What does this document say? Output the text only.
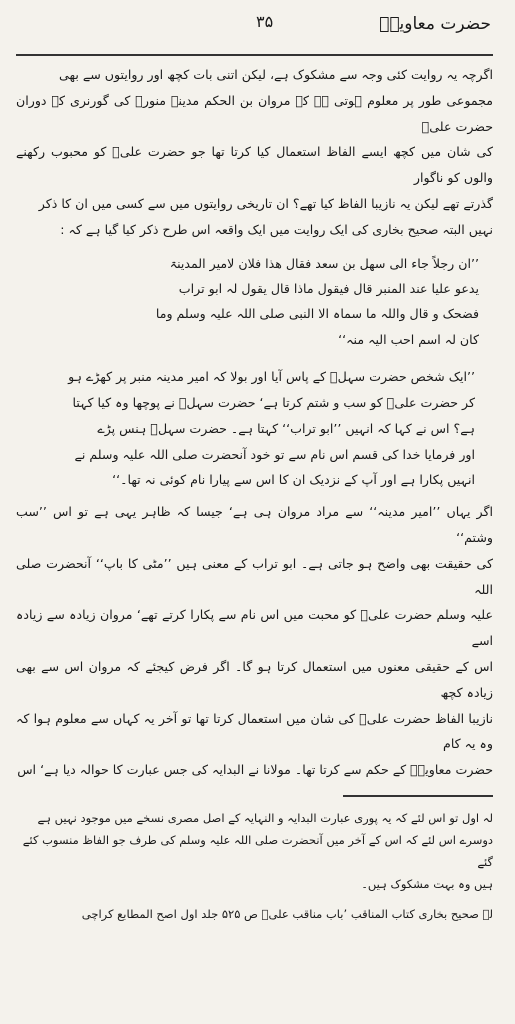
حضرت معاویہؓ
۳۵

اگرچہ یہ روایت کئی وجہ سے مشکوک ہے، لیکن اتنی بات کچھ اور روایتوں سے بھی

مجموعی طور پر معلوم ہوتی ہے کہ مروان بن الحکم مدینہ منورہ کی گورنری کے دوران حضرت علیؓ

کی شان میں کچھ ایسے الفاظ استعمال کیا کرتا تھا جو حضرت علیؓ کو محبوب رکھنے والوں کو ناگوار

گذرتے تھے لیکن یہ نازیبا الفاظ کیا تھے؟ ان تاریخی روایتوں میں سے کسی میں ان کا ذکر

نہیں البتہ صحیح بخاری کی ایک روایت میں ایک واقعہ اس طرح ذکر کیا گیا ہے کہ :

’’ان رجلاً جاء الی سھل بن سعد فقال ھذا فلان لامیر المدینۃ

یدعو علیا عند المنبر قال فیقول ماذا قال یقول لہ ابو تراب

فضحک و قال واللہ ما سماہ الا النبی صلی اللہ علیہ وسلم وما

کان لہ اسم احب الیہ منہ‘‘

’’ایک شخص حضرت سہلؓ کے پاس آیا اور بولا کہ امیر مدینہ منبر پر کھڑے ہو

کر حضرت علیؓ کو سب و شتم کرتا ہے‘ حضرت سہلؓ نے پوچھا وہ کیا کہتا

ہے؟ اس نے کہا کہ انہیں ’’ابو تراب‘‘ کہتا ہے۔ حضرت سہلؓ ہنس پڑے

اور فرمایا خدا کی قسم اس نام سے تو خود آنحضرت صلی اللہ علیہ وسلم نے

انہیں پکارا ہے اور آپ کے نزدیک ان کا اس سے پیارا نام کوئی نہ تھا۔‘‘

اگر یہاں ’’امیر مدینہ‘‘ سے مراد مروان ہی ہے‘ جیسا کہ ظاہر یہی ہے تو اس ’’سب وشتم‘‘

کی حقیقت بھی واضح ہو جاتی ہے۔ ابو تراب کے معنی ہیں ’’مٹی کا باپ‘‘ آنحضرت صلی اللہ

علیہ وسلم حضرت علیؓ کو محبت میں اس نام سے پکارا کرتے تھے‘ مروان زیادہ سے زیادہ اسے

اس کے حقیقی معنوں میں استعمال کرتا ہو گا۔ اگر فرض کیجئے کہ مروان اس سے بھی زیادہ کچھ

نازیبا الفاظ حضرت علیؓ کی شان میں استعمال کرتا تھا تو آخر یہ کہاں سے معلوم ہوا کہ وہ یہ کام

حضرت معاویہؓ کے حکم سے کرتا تھا۔ مولانا نے البدایہ کی جس عبارت کا حوالہ دیا ہے‘ اس

لہ اول تو اس لئے کہ یہ پوری عبارت البدایہ و النہایہ کے اصل مصری نسخے میں موجود نہیں ہے

دوسرے اس لئے کہ اس کے آخر میں آنحضرت صلی اللہ علیہ وسلم کی طرف جو الفاظ منسوب کئے گئے

ہیں وہ بہت مشکوک ہیں۔

لہ صحیح بخاری کتاب المناقب ’باب مناقب علیؓ ص ۵۲۵ جلد اول اصح المطابع کراچی
